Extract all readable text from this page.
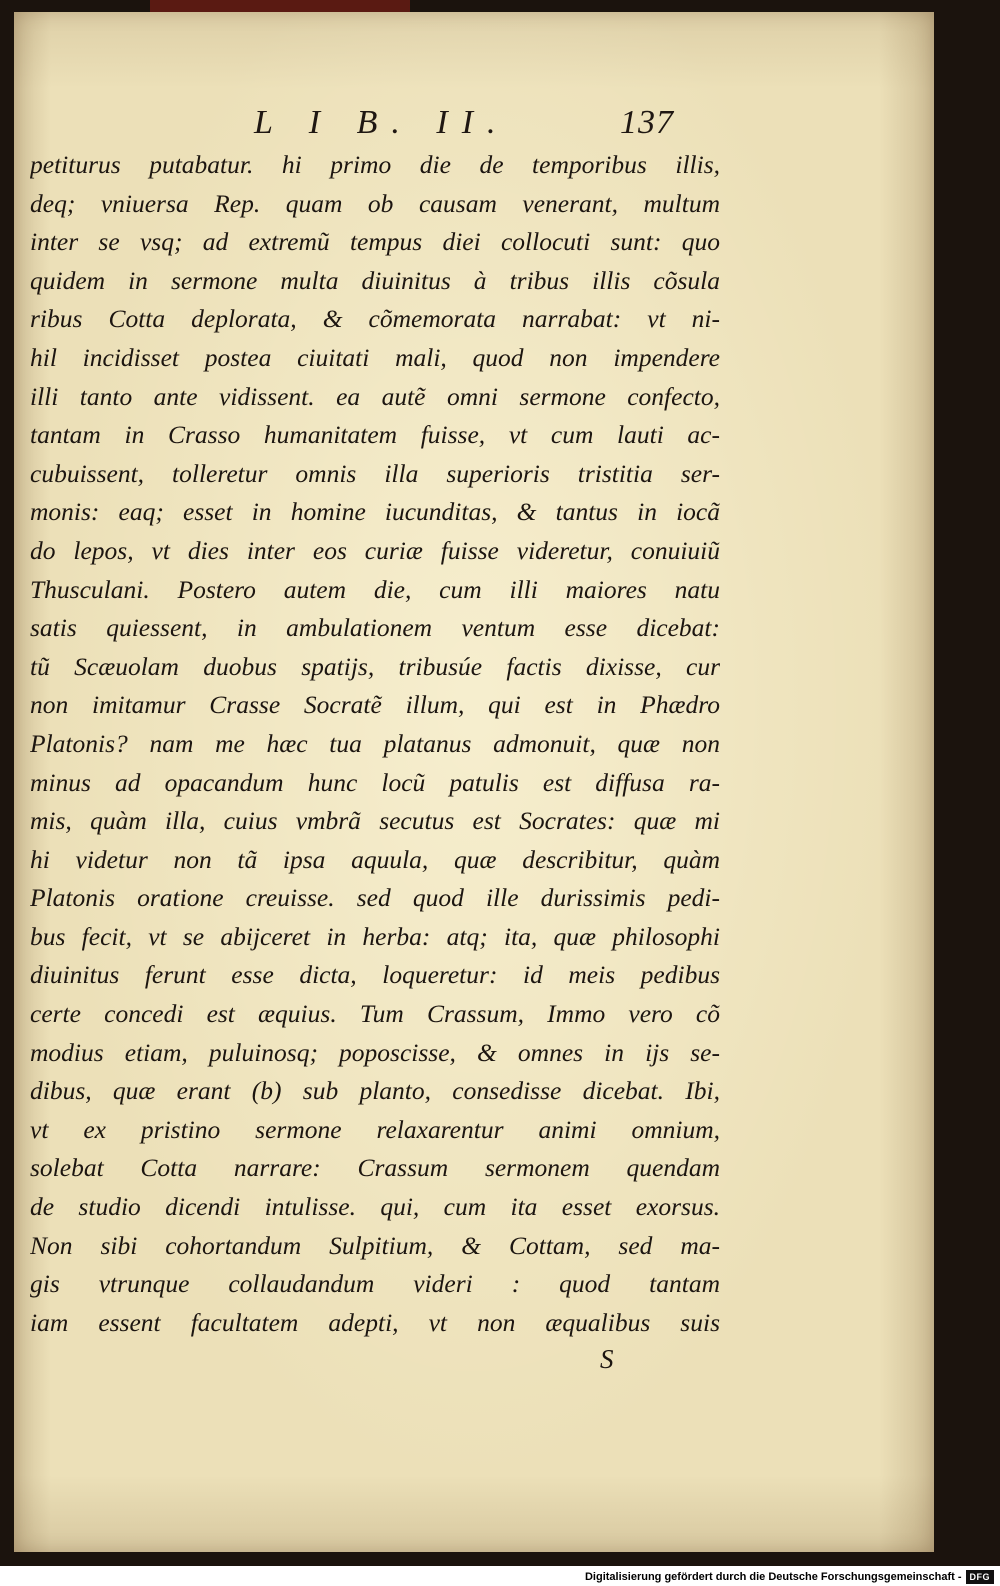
L I B. II.	137
petiturus putabatur. hi primo die de temporibus illis,
deq; vniuersa Rep. quam ob causam venerant, multum
inter se vsq; ad extremũ tempus diei collocuti sunt: quo
quidem in sermone multa diuinitus à tribus illis cõsula
ribus Cotta deplorata, & cõmemorata narrabat: vt ni-
hil incidisset postea ciuitati mali, quod non impendere
illi tanto ante vidissent. ea autẽ omni sermone confecto,
tantam in Crasso humanitatem fuisse, vt cum lauti ac-
cubuissent, tolleretur omnis illa superioris tristitia ser-
monis: eaq; esset in homine iucunditas, & tantus in iocã
do lepos, vt dies inter eos curiæ fuisse videretur, conuiuiũ
Thusculani. Postero autem die, cum illi maiores natu
satis quiessent, in ambulationem ventum esse dicebat:
tũ Scæuolam duobus spatijs, tribusúe factis dixisse, cur
non imitamur Crasse Socratẽ illum, qui est in Phædro
Platonis? nam me hæc tua platanus admonuit, quæ non
minus ad opacandum hunc locũ patulis est diffusa ra-
mis, quàm illa, cuius vmbrã secutus est Socrates: quæ mi
hi videtur non tã ipsa aquula, quæ describitur, quàm
Platonis oratione creuisse. sed quod ille durissimis pedi-
bus fecit, vt se abijceret in herba: atq; ita, quæ philosophi
diuinitus ferunt esse dicta, loqueretur: id meis pedibus
certe concedi est æquius. Tum Crassum, Immo vero cõ
modius etiam, puluinosq; poposcisse, & omnes in ijs se-
dibus, quæ erant (b) sub planto, consedisse dicebat. Ibi,
vt ex pristino sermone relaxarentur animi omnium,
solebat Cotta narrare: Crassum sermonem quendam
de studio dicendi intulisse. qui, cum ita esset exorsus.
Non sibi cohortandum Sulpitium, & Cottam, sed ma-
gis vtrunque collaudandum videri : quod tantam
iam essent facultatem adepti, vt non æqualibus suis
S
Digitalisierung gefördert durch die Deutsche Forschungsgemeinschaft - DFG
